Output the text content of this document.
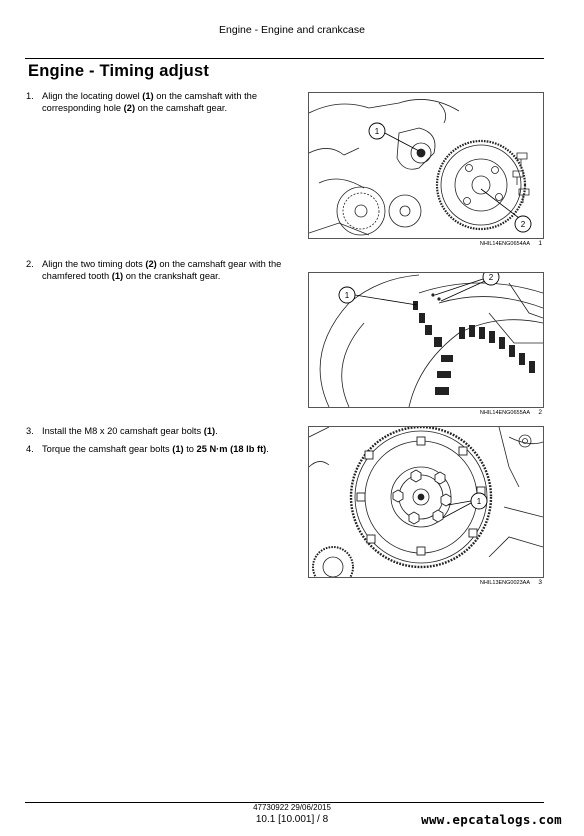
Engine - Engine and crankcase
Engine - Timing adjust
1. Align the locating dowel (1) on the camshaft with the corresponding hole (2) on the camshaft gear.
2. Align the two timing dots (2) on the camshaft gear with the chamfered tooth (1) on the crankshaft gear.
3. Install the M8 x 20 camshaft gear bolts (1).
4. Torque the camshaft gear bolts (1) to 25 N·m (18 lb ft).
1
2
NHIL14ENG0654AA 1
1
2
NHIL14ENG0655AA 2
1
NHIL13ENG0023AA 3
47730922 29/06/2015
10.1 [10.001] / 8	www.epcatalogs.com
